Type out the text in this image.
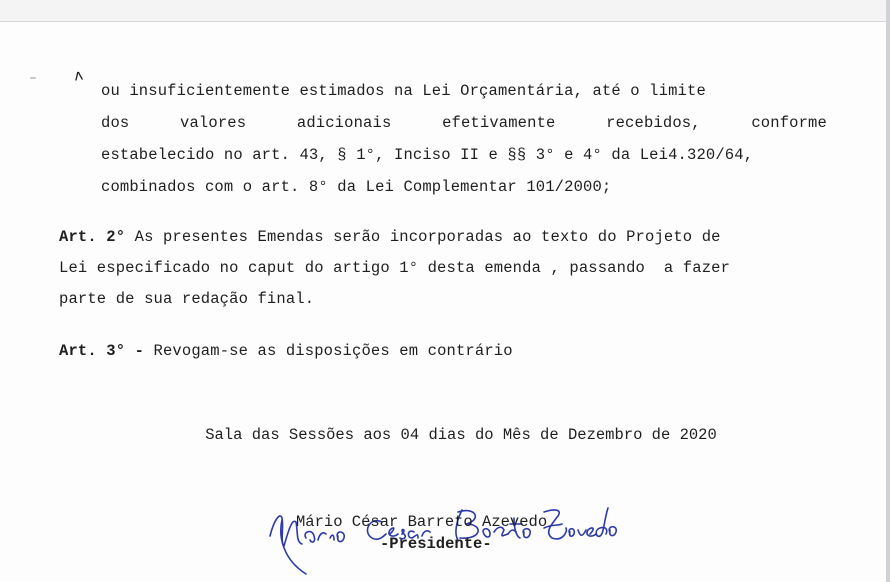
ʌ
ou insuficientemente estimados na Lei Orçamentária, até o limite
dos	valores	adicionais	efetivamente	recebidos,	conforme
estabelecido no art. 43, § 1°, Inciso II e §§ 3° e 4° da Lei4.320/64,
combinados com o art. 8° da Lei Complementar 101/2000;
Art. 2° As presentes Emendas serão incorporadas ao texto do Projeto de
Lei especificado no caput do artigo 1° desta emenda , passando  a fazer
parte de sua redação final.
Art. 3° - Revogam-se as disposições em contrário
Sala das Sessões aos 04 dias do Mês de Dezembro de 2020
Mário César Barreto Azevedo
-Presidente-
